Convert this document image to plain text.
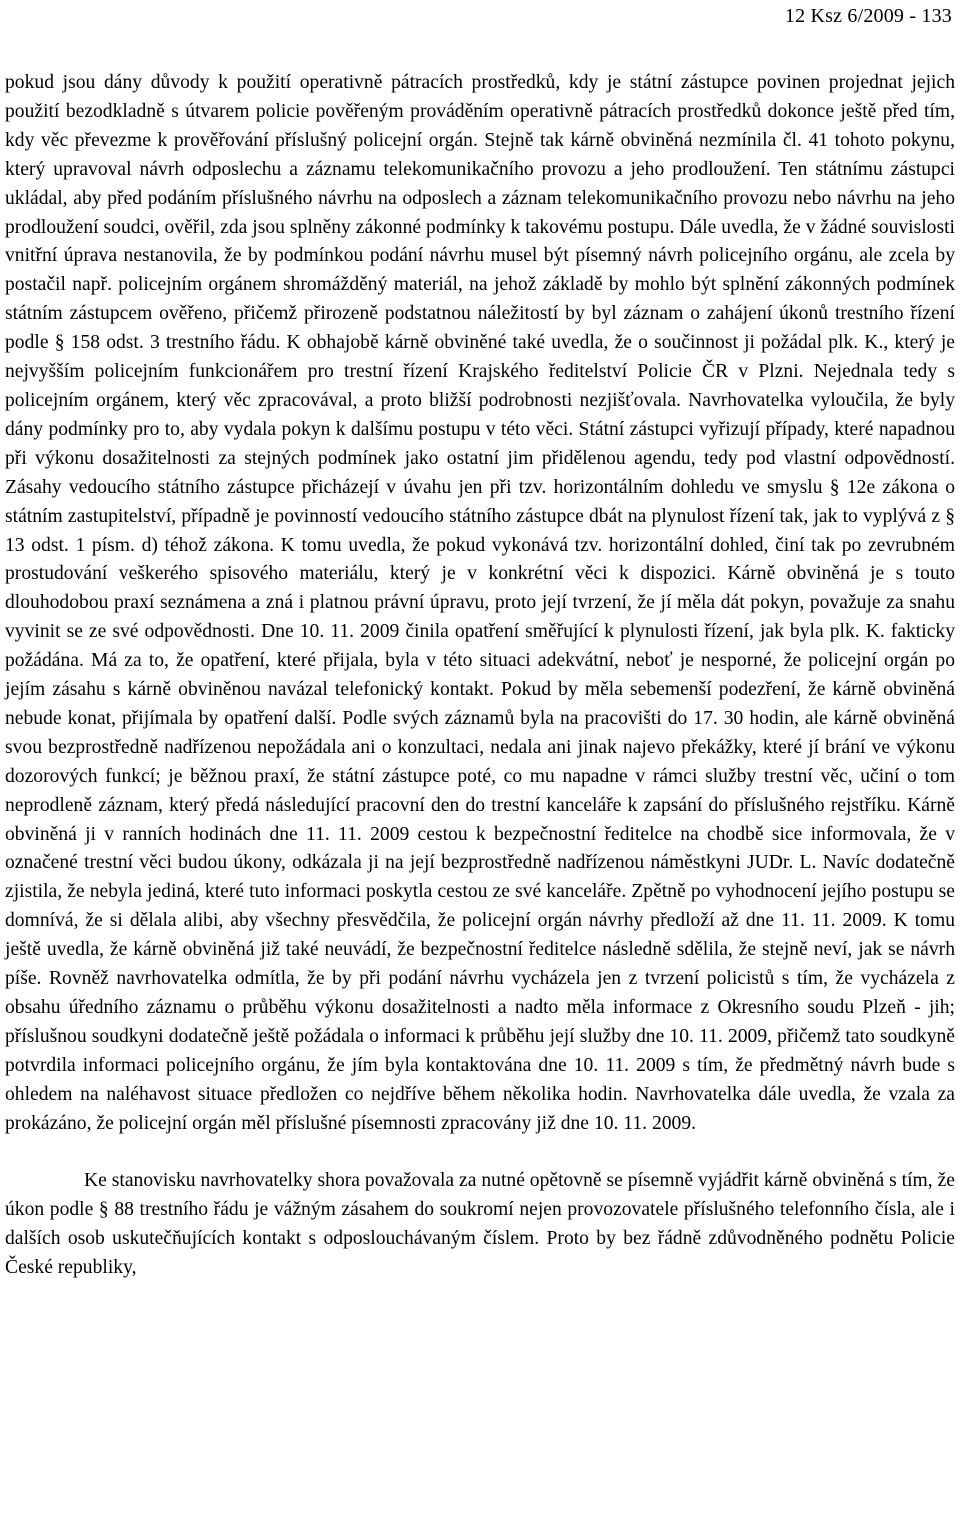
12 Ksz 6/2009 - 133

pokud jsou dány důvody k použití operativně pátracích prostředků, kdy je státní zástupce povinen projednat jejich použití bezodkladně s útvarem policie pověřeným prováděním operativně pátracích prostředků dokonce ještě před tím, kdy věc převezme k prověřování příslušný policejní orgán. Stejně tak kárně obviněná nezmínila čl. 41 tohoto pokynu, který upravoval návrh odposlechu a záznamu telekomunikačního provozu a jeho prodloužení. Ten státnímu zástupci ukládal, aby před podáním příslušného návrhu na odposlech a záznam telekomunikačního provozu nebo návrhu na jeho prodloužení soudci, ověřil, zda jsou splněny zákonné podmínky k takovému postupu. Dále uvedla, že v žádné souvislosti vnitřní úprava nestanovila, že by podmínkou podání návrhu musel být písemný návrh policejního orgánu, ale zcela by postačil např. policejním orgánem shromážděný materiál, na jehož základě by mohlo být splnění zákonných podmínek státním zástupcem ověřeno, přičemž přirozeně podstatnou náležitostí by byl záznam o zahájení úkonů trestního řízení podle § 158 odst. 3 trestního řádu. K obhajobě kárně obviněné také uvedla, že o součinnost ji požádal plk. K., který je nejvyšším policejním funkcionářem pro trestní řízení Krajského ředitelství Policie ČR v Plzni. Nejednala tedy s policejním orgánem, který věc zpracovával, a proto bližší podrobnosti nezjišťovala. Navrhovatelka vyloučila, že byly dány podmínky pro to, aby vydala pokyn k dalšímu postupu v této věci. Státní zástupci vyřizují případy, které napadnou při výkonu dosažitelnosti za stejných podmínek jako ostatní jim přidělenou agendu, tedy pod vlastní odpovědností. Zásahy vedoucího státního zástupce přicházejí v úvahu jen při tzv. horizontálním dohledu ve smyslu § 12e zákona o státním zastupitelství, případně je povinností vedoucího státního zástupce dbát na plynulost řízení tak, jak to vyplývá z § 13 odst. 1 písm. d) téhož zákona. K tomu uvedla, že pokud vykonává tzv. horizontální dohled, činí tak po zevrubném prostudování veškerého spisového materiálu, který je v konkrétní věci k dispozici. Kárně obviněná je s touto dlouhodobou praxí seznámena a zná i platnou právní úpravu, proto její tvrzení, že jí měla dát pokyn, považuje za snahu vyvinit se ze své odpovědnosti. Dne 10. 11. 2009 činila opatření směřující k plynulosti řízení, jak byla plk. K. fakticky požádána. Má za to, že opatření, které přijala, byla v této situaci adekvátní, neboť je nesporné, že policejní orgán po jejím zásahu s kárně obviněnou navázal telefonický kontakt. Pokud by měla sebemenší podezření, že kárně obviněná nebude konat, přijímala by opatření další. Podle svých záznamů byla na pracovišti do 17. 30 hodin, ale kárně obviněná svou bezprostředně nadřízenou nepožádala ani o konzultaci, nedala ani jinak najevo překážky, které jí brání ve výkonu dozorových funkcí; je běžnou praxí, že státní zástupce poté, co mu napadne v rámci služby trestní věc, učiní o tom neprodleně záznam, který předá následující pracovní den do trestní kanceláře k zapsání do příslušného rejstříku. Kárně obviněná ji v ranních hodinách dne 11. 11. 2009 cestou k bezpečnostní ředitelce na chodbě sice informovala, že v označené trestní věci budou úkony, odkázala ji na její bezprostředně nadřízenou náměstkyni JUDr. L. Navíc dodatečně zjistila, že nebyla jediná, které tuto informaci poskytla cestou ze své kanceláře. Zpětně po vyhodnocení jejího postupu se domnívá, že si dělala alibi, aby všechny přesvědčila, že policejní orgán návrhy předloží až dne 11. 11. 2009. K tomu ještě uvedla, že kárně obviněná již také neuvádí, že bezpečnostní ředitelce následně sdělila, že stejně neví, jak se návrh píše. Rovněž navrhovatelka odmítla, že by při podání návrhu vycházela jen z tvrzení policistů s tím, že vycházela z obsahu úředního záznamu o průběhu výkonu dosažitelnosti a nadto měla informace z Okresního soudu Plzeň - jih; příslušnou soudkyni dodatečně ještě požádala o informaci k průběhu její služby dne 10. 11. 2009, přičemž tato soudkyně potvrdila informaci policejního orgánu, že jím byla kontaktována dne 10. 11. 2009 s tím, že předmětný návrh bude s ohledem na naléhavost situace předložen co nejdříve během několika hodin. Navrhovatelka dále uvedla, že vzala za prokázáno, že policejní orgán měl příslušné písemnosti zpracovány již dne 10. 11. 2009.

Ke stanovisku navrhovatelky shora považovala za nutné opětovně se písemně vyjádřit kárně obviněná s tím, že úkon podle § 88 trestního řádu je vážným zásahem do soukromí nejen provozovatele příslušného telefonního čísla, ale i dalších osob uskutečňujících kontakt s odposlouchávaným číslem. Proto by bez řádně zdůvodněného podnětu Policie České republiky,
